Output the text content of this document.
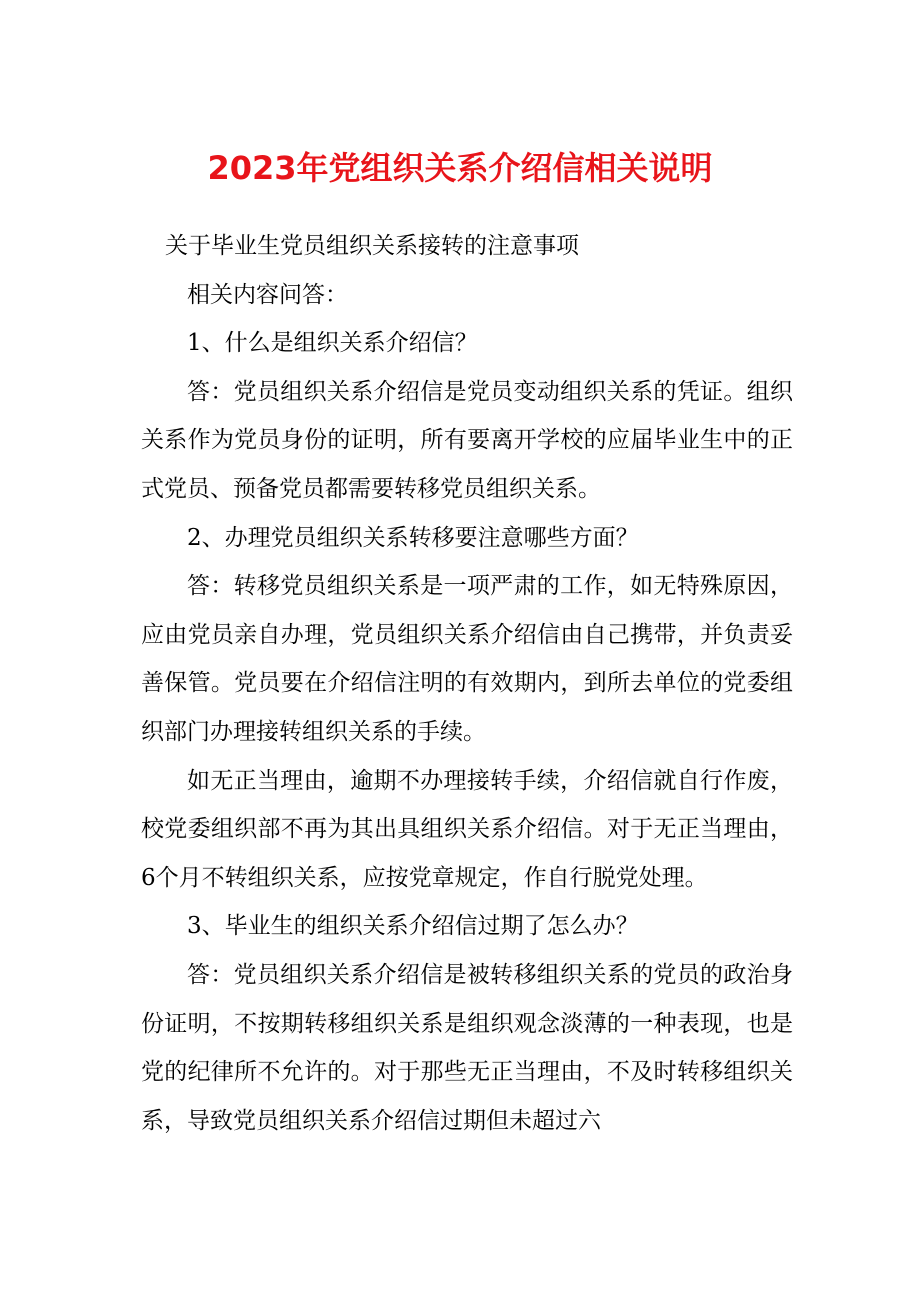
2023年党组织关系介绍信相关说明

关于毕业生党员组织关系接转的注意事项

相关内容问答：

1、什么是组织关系介绍信？

答：党员组织关系介绍信是党员变动组织关系的凭证。组织关系作为党员身份的证明，所有要离开学校的应届毕业生中的正式党员、预备党员都需要转移党员组织关系。

2、办理党员组织关系转移要注意哪些方面？

答：转移党员组织关系是一项严肃的工作，如无特殊原因，应由党员亲自办理，党员组织关系介绍信由自己携带，并负责妥善保管。党员要在介绍信注明的有效期内，到所去单位的党委组织部门办理接转组织关系的手续。

如无正当理由，逾期不办理接转手续，介绍信就自行作废，校党委组织部不再为其出具组织关系介绍信。对于无正当理由，6个月不转组织关系，应按党章规定，作自行脱党处理。

3、毕业生的组织关系介绍信过期了怎么办？

答：党员组织关系介绍信是被转移组织关系的党员的政治身份证明，不按期转移组织关系是组织观念淡薄的一种表现，也是党的纪律所不允许的。对于那些无正当理由，不及时转移组织关系，导致党员组织关系介绍信过期但未超过六
